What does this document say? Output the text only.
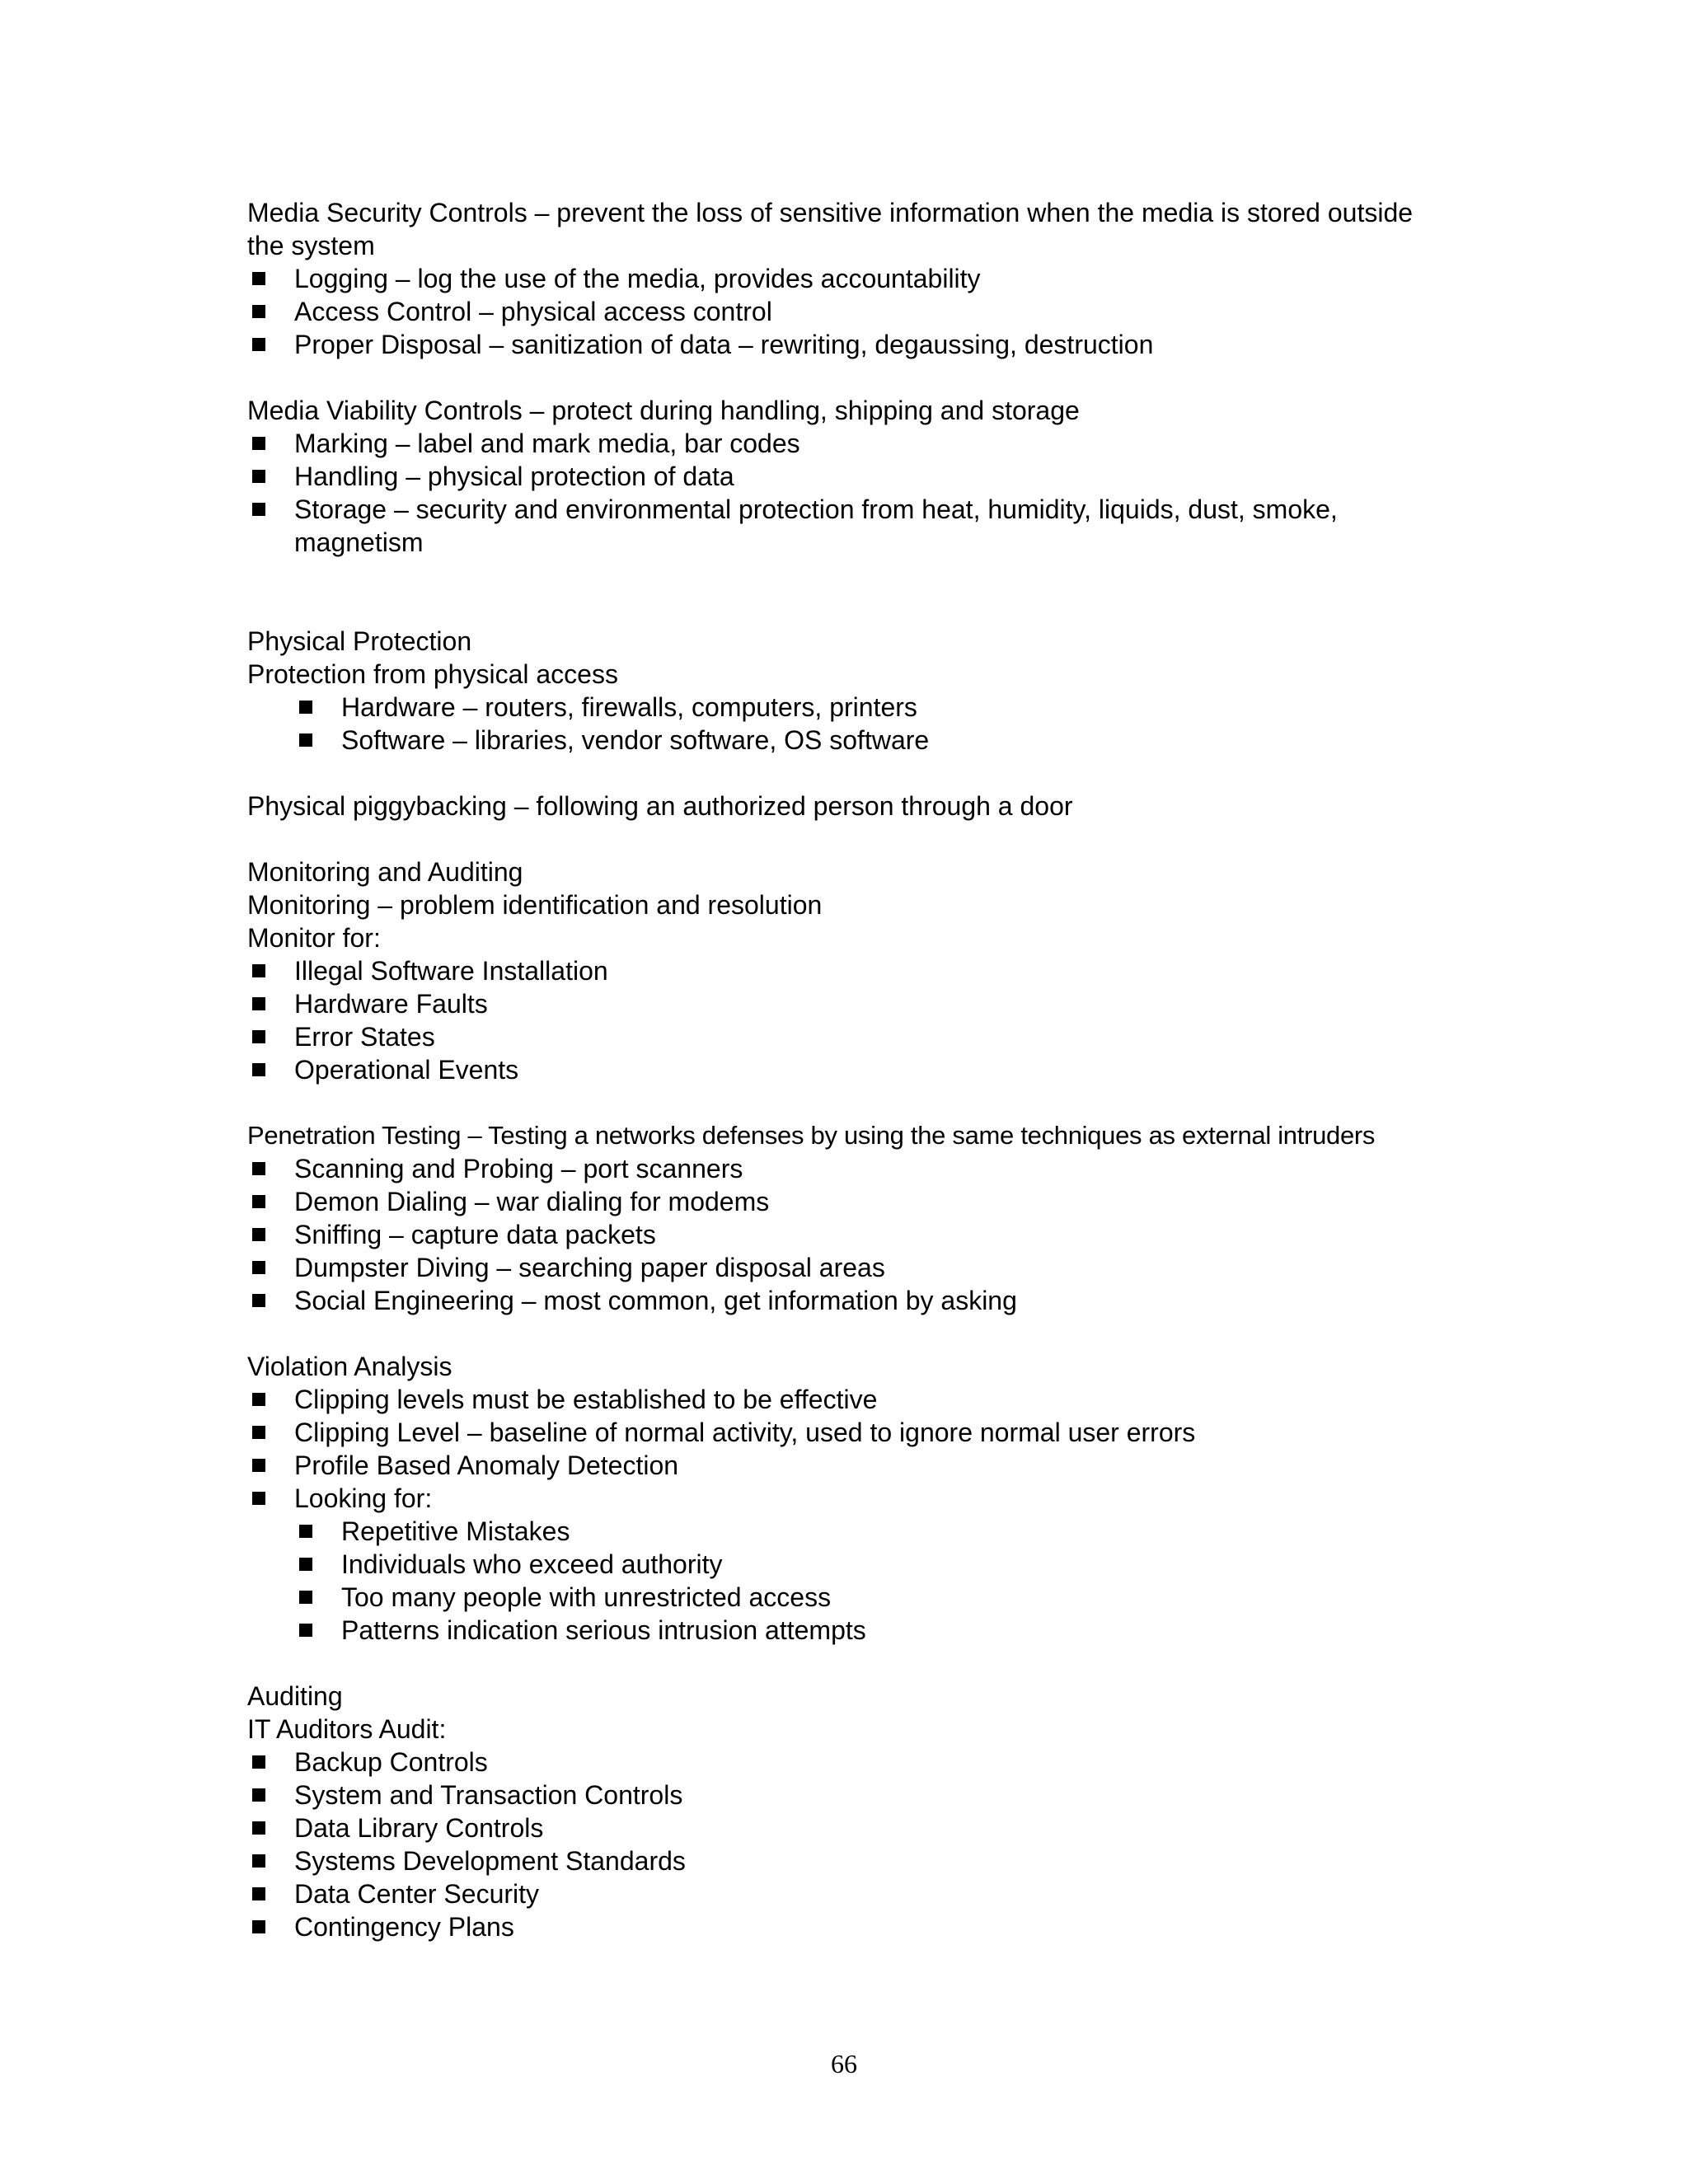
Media Security Controls – prevent the loss of sensitive information when the media is stored outside the system
Logging – log the use of the media, provides accountability
Access Control – physical access control
Proper Disposal – sanitization of data – rewriting, degaussing, destruction
Media Viability Controls – protect during handling, shipping and storage
Marking – label and mark media, bar codes
Handling – physical protection of data
Storage – security and environmental protection from heat, humidity, liquids, dust, smoke, magnetism
Physical Protection
Protection from physical access
Hardware – routers, firewalls, computers, printers
Software – libraries, vendor software, OS software
Physical piggybacking – following an authorized person through a door
Monitoring and Auditing
Monitoring – problem identification and resolution
Monitor for:
Illegal Software Installation
Hardware Faults
Error States
Operational Events
Penetration Testing – Testing a networks defenses by using the same techniques as external intruders
Scanning and Probing – port scanners
Demon Dialing – war dialing for modems
Sniffing – capture data packets
Dumpster Diving – searching paper disposal areas
Social Engineering – most common, get information by asking
Violation Analysis
Clipping levels must be established to be effective
Clipping Level – baseline of normal activity, used to ignore normal user errors
Profile Based Anomaly Detection
Looking for:
Repetitive Mistakes
Individuals who exceed authority
Too many people with unrestricted access
Patterns indication serious intrusion attempts
Auditing
IT Auditors Audit:
Backup Controls
System and Transaction Controls
Data Library Controls
Systems Development Standards
Data Center Security
Contingency Plans
66
